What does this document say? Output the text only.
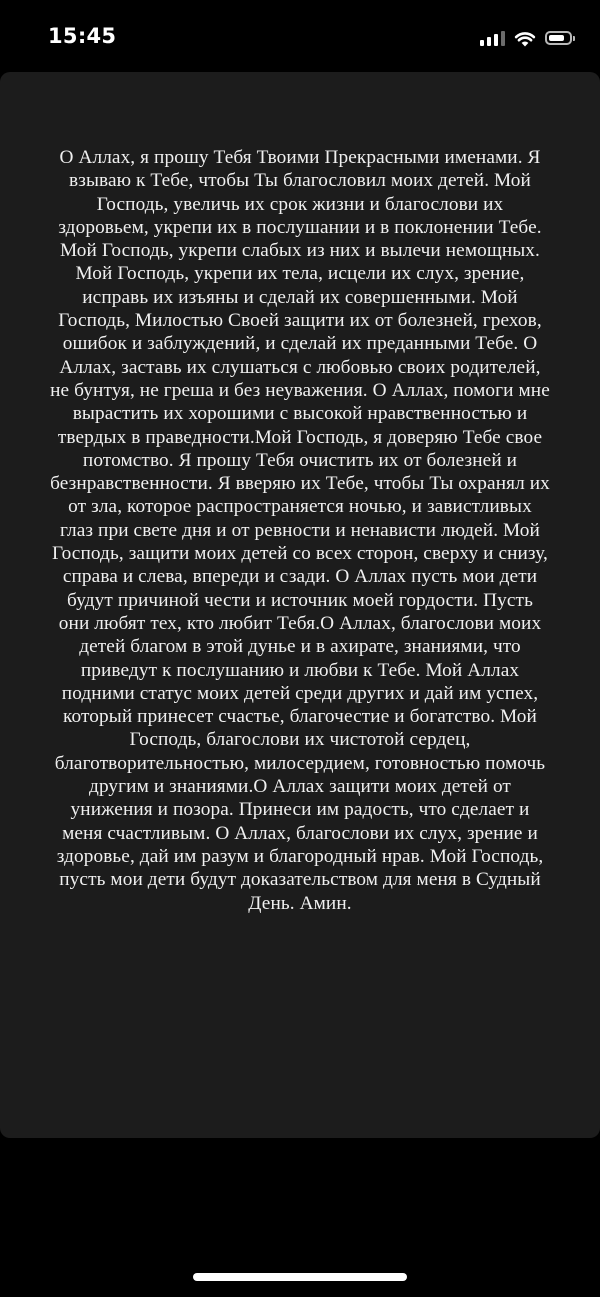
15:45

О Аллах, я прошу Тебя Твоими Прекрасными именами. Я взываю к Тебе, чтобы Ты благословил моих детей. Мой Господь, увеличь их срок жизни и благослови их здоровьем, укрепи их в послушании и в поклонении Тебе. Мой Господь, укрепи слабых из них и вылечи немощных. Мой Господь, укрепи их тела, исцели их слух, зрение, исправь их изъяны и сделай их совершенными. Мой Господь, Милостью Своей защити их от болезней, грехов, ошибок и заблуждений, и сделай их преданными Тебе. О Аллах, заставь их слушаться с любовью своих родителей, не бунтуя, не греша и без неуважения. О Аллах, помоги мне вырастить их хорошими с высокой нравственностью и твердых в праведности.Мой Господь, я доверяю Тебе свое потомство. Я прошу Тебя очистить их от болезней и безнравственности. Я вверяю их Тебе, чтобы Ты охранял их от зла, которое распространяется ночью, и завистливых глаз при свете дня и от ревности и ненависти людей. Мой Господь, защити моих детей со всех сторон, сверху и снизу, справа и слева, впереди и сзади. О Аллах пусть мои дети будут причиной чести и источник моей гордости. Пусть они любят тех, кто любит Тебя.О Аллах, благослови моих детей благом в этой дунье и в ахирате, знаниями, что приведут к послушанию и любви к Тебе. Мой Аллах подними статус моих детей среди других и дай им успех, который принесет счастье, благочестие и богатство. Мой Господь, благослови их чистотой сердец, благотворительностью, милосердием, готовностью помочь другим и знаниями.О Аллах защити моих детей от унижения и позора. Принеси им радость, что сделает и меня счастливым. О Аллах, благослови их слух, зрение и здоровье, дай им разум и благородный нрав. Мой Господь, пусть мои дети будут доказательством для меня в Судный День. Амин.
